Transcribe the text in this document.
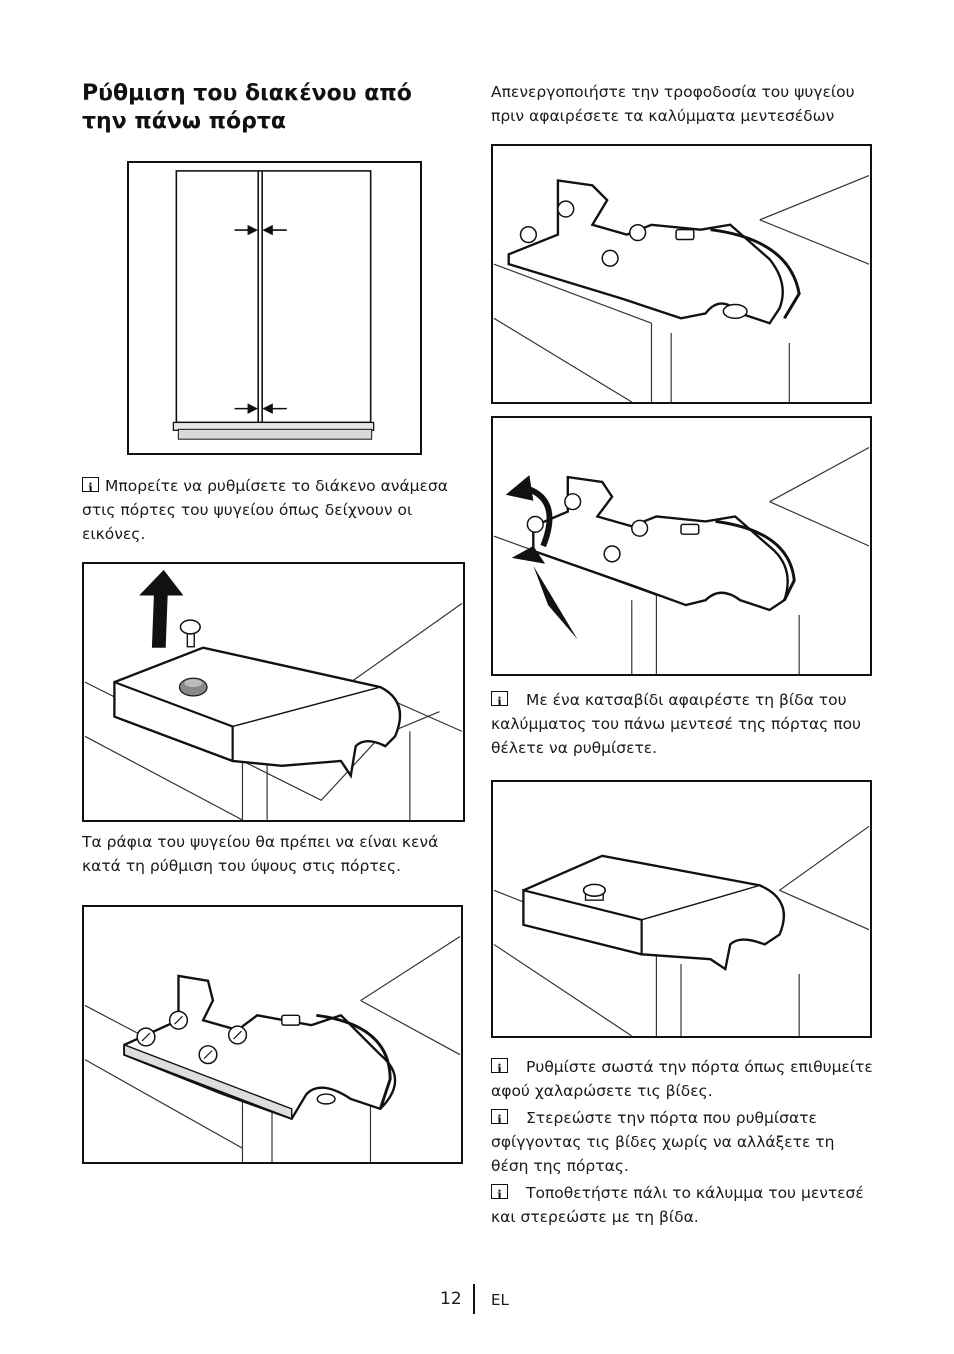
Ρύθμιση του διακένου από την πάνω πόρτα

iΜπορείτε να ρυθμίσετε το διάκενο ανάμεσα στις πόρτες του ψυγείου όπως δείχνουν οι εικόνες.

Τα ράφια του ψυγείου θα πρέπει να είναι κενά κατά τη ρύθμιση του ύψους στις πόρτες.

Απενεργοποιήστε την τροφοδοσία του ψυγείου πριν αφαιρέσετε τα καλύμματα μεντεσέδων

iΜε ένα κατσαβίδι αφαιρέστε τη βίδα του καλύμματος του πάνω μεντεσέ της πόρτας που θέλετε να ρυθμίσετε.

iΡυθμίστε σωστά την πόρτα όπως επιθυμείτε αφού χαλαρώσετε τις βίδες.

iΣτερεώστε την πόρτα που ρυθμίσατε σφίγγοντας τις βίδες χωρίς να αλλάξετε τη θέση της πόρτας.

iΤοποθετήστε πάλι το κάλυμμα του μεντεσέ και στερεώστε με τη βίδα.

12 EL
